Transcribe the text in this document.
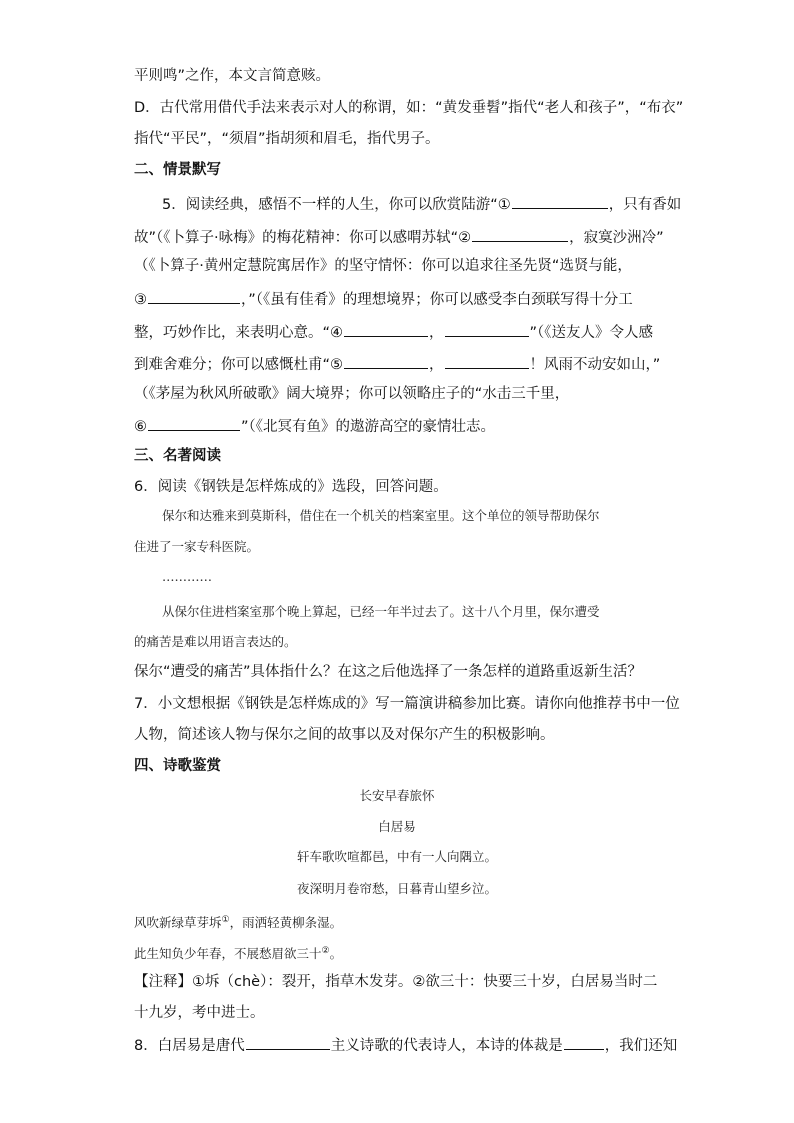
平则鸣”之作，本文言简意赅。
D．古代常用借代手法来表示对人的称谓，如：“黄发垂髫”指代“老人和孩子”，“布衣”
指代“平民”，“须眉”指胡须和眉毛，指代男子。
二、情景默写
5．阅读经典，感悟不一样的人生，你可以欣赏陆游“①	，只有香如
故”（《卜算子·咏梅》的梅花精神：你可以感喟苏轼“②	，寂寞沙洲冷”
（《卜算子·黄州定慧院寓居作》的坚守情怀：你可以追求往圣先贤“选贤与能，
③	，”（《虽有佳肴》的理想境界；你可以感受李白颈联写得十分工
整，巧妙作比，来表明心意。“④	，	”（《送友人》令人感
到难舍难分；你可以感慨杜甫“⑤	，	！风雨不动安如山，”
（《茅屋为秋风所破歌》阔大境界；你可以领略庄子的“水击三千里，
⑥	”（《北冥有鱼》的遨游高空的豪情壮志。
三、名著阅读
6．阅读《钢铁是怎样炼成的》选段，回答问题。
保尔和达雅来到莫斯科，借住在一个机关的档案室里。这个单位的领导帮助保尔
住进了一家专科医院。
…………
从保尔住进档案室那个晚上算起，已经一年半过去了。这十八个月里，保尔遭受
的痛苦是难以用语言表达的。
保尔“遭受的痛苦”具体指什么？在这之后他选择了一条怎样的道路重返新生活？
7．小文想根据《钢铁是怎样炼成的》写一篇演讲稿参加比赛。请你向他推荐书中一位
人物，简述该人物与保尔之间的故事以及对保尔产生的积极影响。
四、诗歌鉴赏
长安早春旅怀
白居易
轩车歌吹喧都邑，中有一人向隅立。
夜深明月卷帘愁，日暮青山望乡泣。
风吹新绿草芽坼①，雨洒轻黄柳条湿。
此生知负少年春，不展愁眉欲三十②。
【注释】①坼（chè）：裂开，指草木发芽。②欲三十：快要三十岁，白居易当时二
十九岁，考中进士。
8．白居易是唐代	主义诗歌的代表诗人，本诗的体裁是	，我们还知
